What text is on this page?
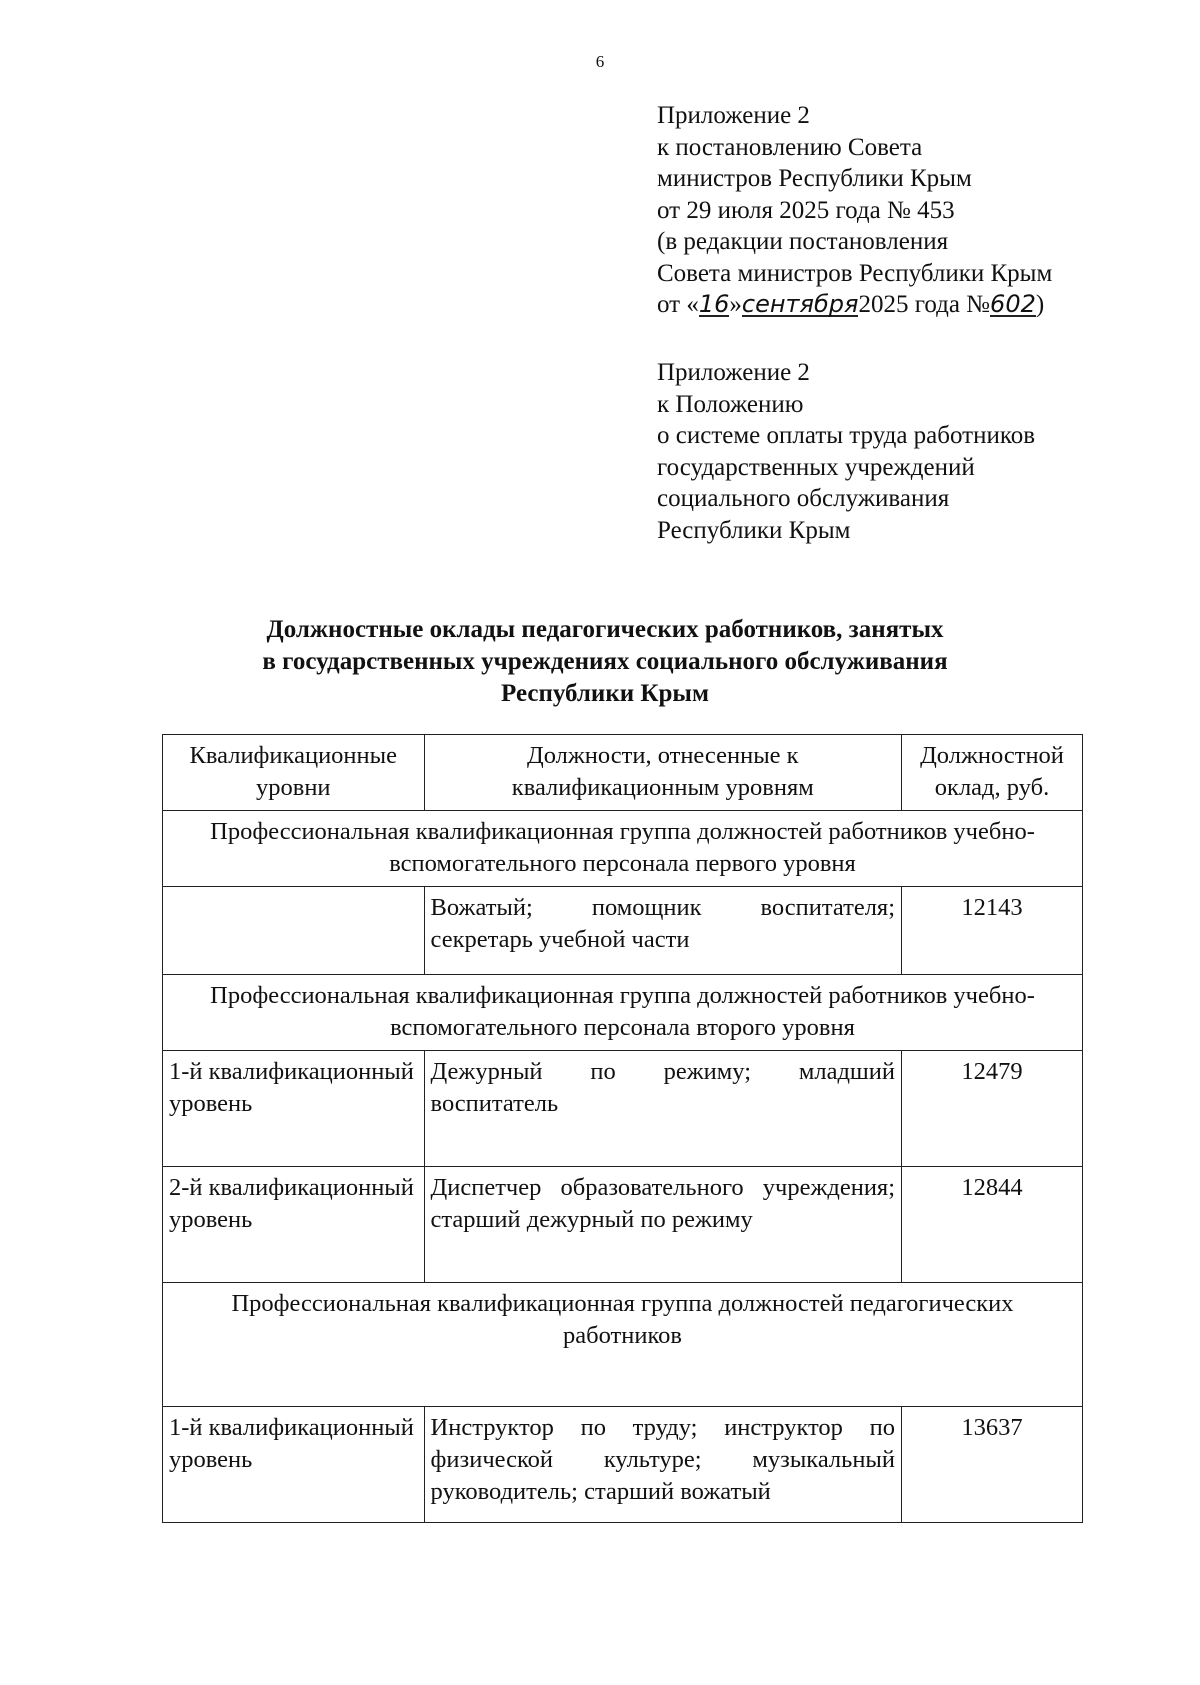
6
Приложение 2
к постановлению Совета
министров Республики Крым
от 29 июля 2025 года № 453
(в редакции постановления
Совета министров Республики Крым
от «16»сентября2025 года №602)
Приложение 2
к Положению
о системе оплаты труда работников
государственных учреждений
социального обслуживания
Республики Крым
Должностные оклады педагогических работников, занятых
в государственных учреждениях социального обслуживания
Республики Крым
Квалификационные уровни	Должности, отнесенные к квалификационным уровням	Должностной оклад, руб.
Профессиональная квалификационная группа должностей работников учебно-вспомогательного персонала первого уровня		
	Вожатый; помощник воспитателя; секретарь учебной части	12143
Профессиональная квалификационная группа должностей работников учебно-вспомогательного персонала второго уровня		
1-й квалификационный уровень	Дежурный по режиму; младший воспитатель	12479
2-й квалификационный уровень	Диспетчер образовательного учреждения; старший дежурный по режиму	12844
Профессиональная квалификационная группа должностей педагогических работников		
1-й квалификационный уровень	Инструктор по труду; инструктор по физической культуре; музыкальный руководитель; старший вожатый	13637
